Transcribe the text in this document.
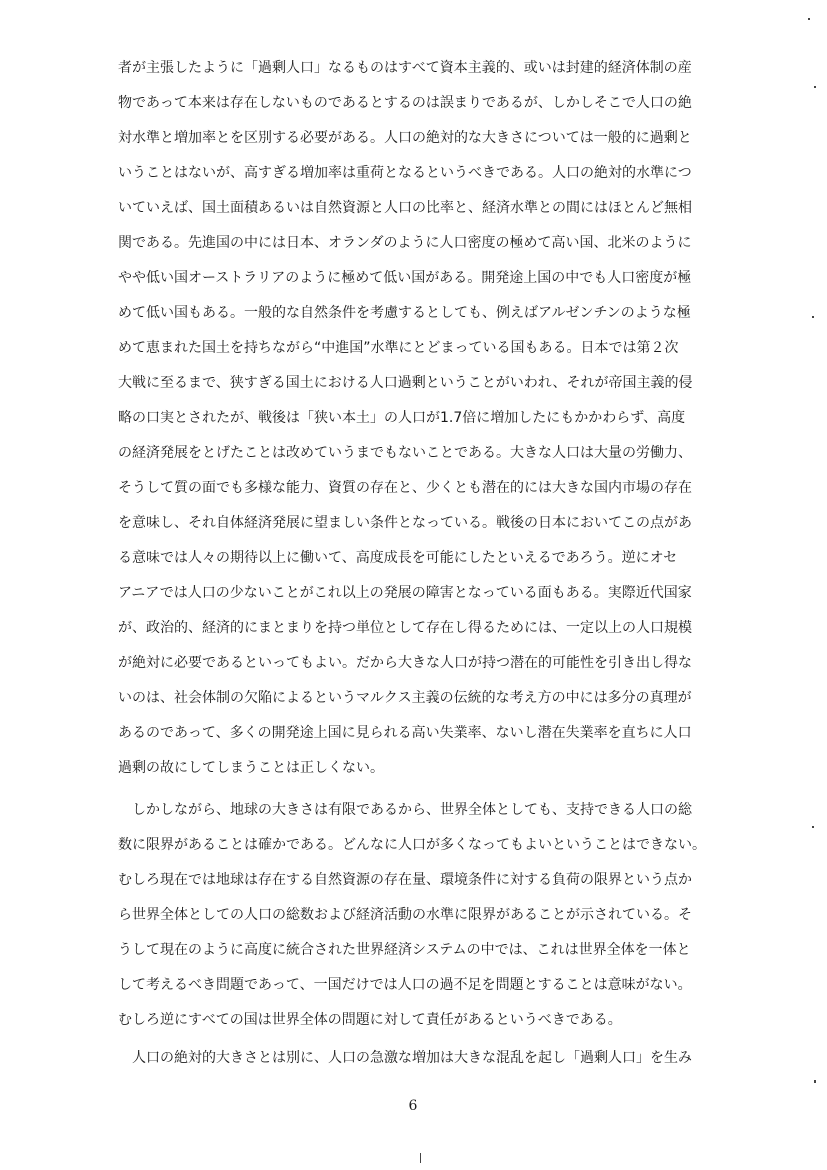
者が主張したように「過剰人口」なるものはすべて資本主義的、或いは封建的経済体制の産
物であって本来は存在しないものであるとするのは誤まりであるが、しかしそこで人口の絶
対水準と増加率とを区別する必要がある。人口の絶対的な大きさについては一般的に過剰と
いうことはないが、高すぎる増加率は重荷となるというべきである。人口の絶対的水準につ
いていえば、国土面積あるいは自然資源と人口の比率と、経済水準との間にはほとんど無相
関である。先進国の中には日本、オランダのように人口密度の極めて高い国、北米のように
やや低い国オーストラリアのように極めて低い国がある。開発途上国の中でも人口密度が極
めて低い国もある。一般的な自然条件を考慮するとしても、例えばアルゼンチンのような極
めて恵まれた国土を持ちながら“中進国”水準にとどまっている国もある。日本では第２次
大戦に至るまで、狭すぎる国土における人口過剰ということがいわれ、それが帝国主義的侵
略の口実とされたが、戦後は「狭い本土」の人口が1.7倍に増加したにもかかわらず、高度
の経済発展をとげたことは改めていうまでもないことである。大きな人口は大量の労働力、
そうして質の面でも多様な能力、資質の存在と、少くとも潜在的には大きな国内市場の存在
を意味し、それ自体経済発展に望ましい条件となっている。戦後の日本においてこの点があ
る意味では人々の期待以上に働いて、高度成長を可能にしたといえるであろう。逆にオセ
アニアでは人口の少ないことがこれ以上の発展の障害となっている面もある。実際近代国家
が、政治的、経済的にまとまりを持つ単位として存在し得るためには、一定以上の人口規模
が絶対に必要であるといってもよい。だから大きな人口が持つ潜在的可能性を引き出し得な
いのは、社会体制の欠陥によるというマルクス主義の伝統的な考え方の中には多分の真理が
あるのであって、多くの開発途上国に見られる高い失業率、ないし潜在失業率を直ちに人口
過剰の故にしてしまうことは正しくない。
　しかしながら、地球の大きさは有限であるから、世界全体としても、支持できる人口の総
数に限界があることは確かである。どんなに人口が多くなってもよいということはできない。
むしろ現在では地球は存在する自然資源の存在量、環境条件に対する負荷の限界という点か
ら世界全体としての人口の総数および経済活動の水準に限界があることが示されている。そ
うして現在のように高度に統合された世界経済システムの中では、これは世界全体を一体と
して考えるべき問題であって、一国だけでは人口の過不足を問題とすることは意味がない。
むしろ逆にすべての国は世界全体の問題に対して責任があるというべきである。
　人口の絶対的大きさとは別に、人口の急激な増加は大きな混乱を起し「過剰人口」を生み
6
